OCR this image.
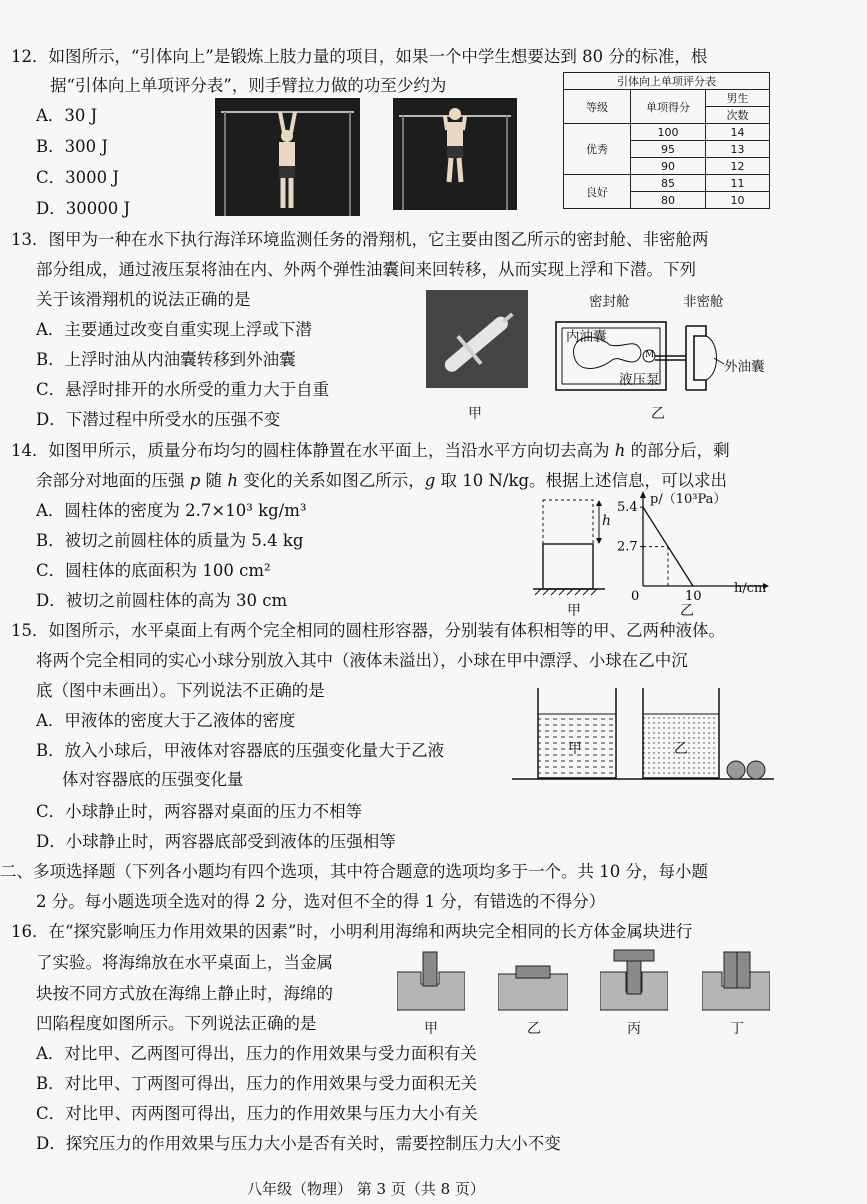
12．如图所示，“引体向上”是锻炼上肢力量的项目，如果一个中学生想要达到 80 分的标准，根
据“引体向上单项评分表”，则手臂拉力做的功至少约为
A．30 J
B．300 J
C．3000 J
D．30000 J
引体向上单项评分表		
等级	单项得分	男生
		次数
优秀	100	14
	95	13
	90	12
良好	85	11
	80	10
13．图甲为一种在水下执行海洋环境监测任务的滑翔机，它主要由图乙所示的密封舱、非密舱两
部分组成，通过液压泵将油在内、外两个弹性油囊间来回转移，从而实现上浮和下潜。下列
关于该滑翔机的说法正确的是
A．主要通过改变自重实现上浮或下潜
B．上浮时油从内油囊转移到外油囊
C．悬浮时排开的水所受的重力大于自重
D．下潜过程中所受水的压强不变	甲
密封舱	非密舱
内油囊
M
液压泵
外油囊
乙
14．如图甲所示，质量分布均匀的圆柱体静置在水平面上，当沿水平方向切去高为 h 的部分后，剩
余部分对地面的压强 p 随 h 变化的关系如图乙所示，g 取 10 N/kg。根据上述信息，可以求出
A．圆柱体的密度为 2.7×10³ kg/m³
B．被切之前圆柱体的质量为 5.4 kg
C．圆柱体的底面积为 100 cm²
D．被切之前圆柱体的高为 30 cm
h
甲
5.4
2.7
0	10
p/（10³Pa）
h/cm
乙
15．如图所示，水平桌面上有两个完全相同的圆柱形容器，分别装有体积相等的甲、乙两种液体。
将两个完全相同的实心小球分别放入其中（液体未溢出），小球在甲中漂浮、小球在乙中沉
底（图中未画出）。下列说法不正确的是
A．甲液体的密度大于乙液体的密度
B．放入小球后，甲液体对容器底的压强变化量大于乙液
体对容器底的压强变化量
C．小球静止时，两容器对桌面的压力不相等
D．小球静止时，两容器底部受到液体的压强相等
甲	乙
二、多项选择题（下列各小题均有四个选项，其中符合题意的选项均多于一个。共 10 分，每小题
2 分。每小题选项全选对的得 2 分，选对但不全的得 1 分，有错选的不得分）
16．在“探究影响压力作用效果的因素”时，小明利用海绵和两块完全相同的长方体金属块进行
了实验。将海绵放在水平桌面上，当金属
块按不同方式放在海绵上静止时，海绵的
凹陷程度如图所示。下列说法正确的是
A．对比甲、乙两图可得出，压力的作用效果与受力面积有关
B．对比甲、丁两图可得出，压力的作用效果与受力面积无关
C．对比甲、丙两图可得出，压力的作用效果与压力大小有关
D．探究压力的作用效果与压力大小是否有关时，需要控制压力大小不变
甲	乙	丙	丁
八年级（物理） 第 3 页（共 8 页）
